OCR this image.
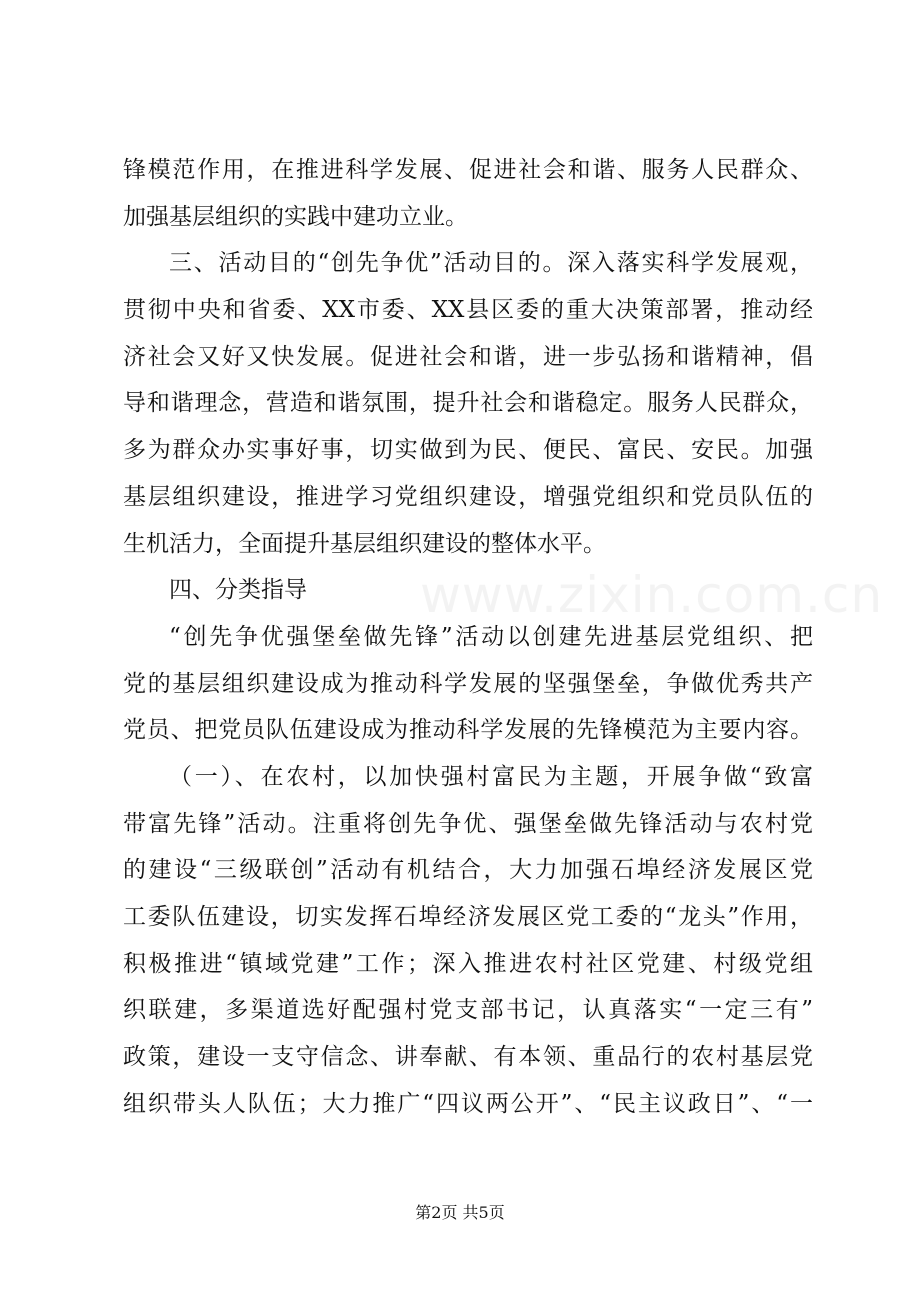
锋模范作用，在推进科学发展、促进社会和谐、服务人民群众、
加强基层组织的实践中建功立业。
三、活动目的“创先争优”活动目的。深入落实科学发展观，
贯彻中央和省委、XX市委、XX县区委的重大决策部署，推动经
济社会又好又快发展。促进社会和谐，进一步弘扬和谐精神，倡
导和谐理念，营造和谐氛围，提升社会和谐稳定。服务人民群众，
多为群众办实事好事，切实做到为民、便民、富民、安民。加强
基层组织建设，推进学习党组织建设，增强党组织和党员队伍的
生机活力，全面提升基层组织建设的整体水平。
四、分类指导
“创先争优强堡垒做先锋”活动以创建先进基层党组织、把
党的基层组织建设成为推动科学发展的坚强堡垒，争做优秀共产
党员、把党员队伍建设成为推动科学发展的先锋模范为主要内容。
（一）、在农村，以加快强村富民为主题，开展争做“致富
带富先锋”活动。注重将创先争优、强堡垒做先锋活动与农村党
的建设“三级联创”活动有机结合，大力加强石埠经济发展区党
工委队伍建设，切实发挥石埠经济发展区党工委的“龙头”作用，
积极推进“镇域党建”工作；深入推进农村社区党建、村级党组
织联建，多渠道选好配强村党支部书记，认真落实“一定三有”
政策，建设一支守信念、讲奉献、有本领、重品行的农村基层党
组织带头人队伍；大力推广“四议两公开”、“民主议政日”、“一
www.zixin.com.cn
第2页 共5页
